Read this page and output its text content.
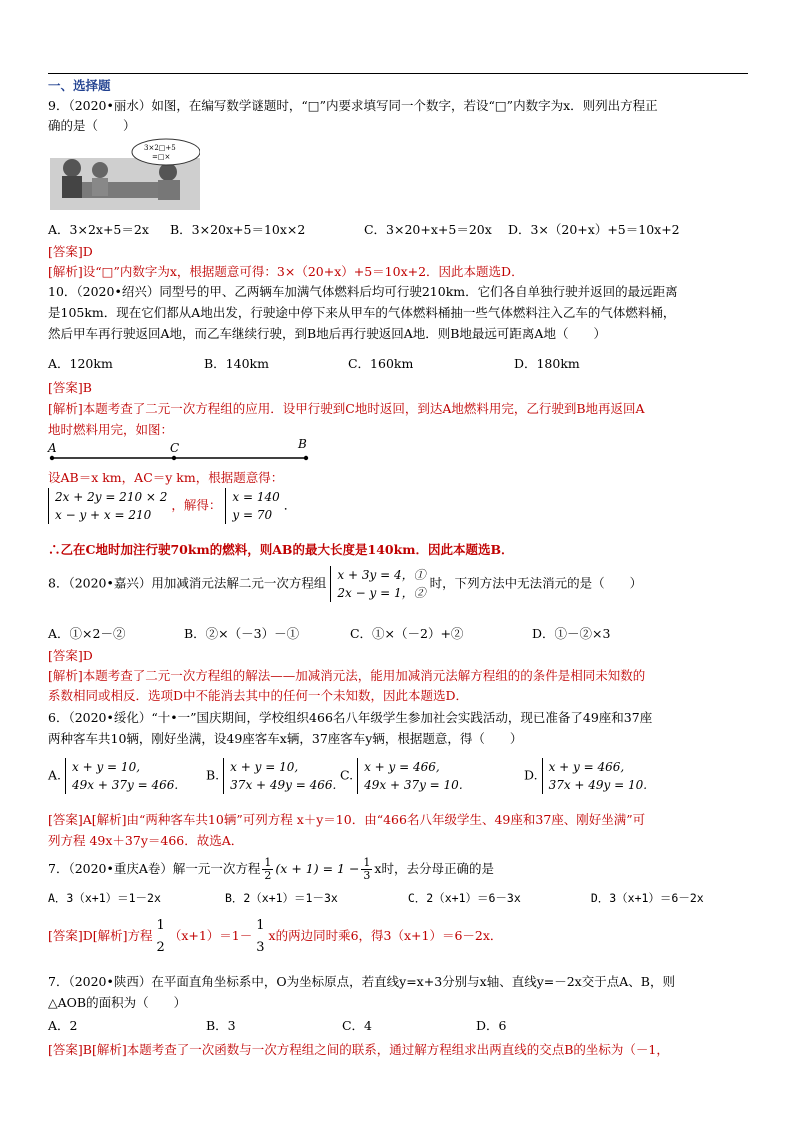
一、选择题
9．（2020•丽水）如图，在编写数学谜题时，“□”内要求填写同一个数字，若设“□”内数字为x．则列出方程正
确的是（　　）
3×2□+5
=□×
A．3×2x+5＝2x B．3×20x+5＝10x×2	C．3×20+x+5＝20x D．3×（20+x）+5＝10x+2
[答案]D
[解析]设“□”内数字为x，根据题意可得：3×（20+x）+5＝10x+2．因此本题选D．
10．（2020•绍兴）同型号的甲、乙两辆车加满气体燃料后均可行驶210km．它们各自单独行驶并返回的最远距离
是105km．现在它们都从A地出发，行驶途中停下来从甲车的气体燃料桶抽一些气体燃料注入乙车的气体燃料桶，
然后甲车再行驶返回A地，而乙车继续行驶，到B地后再行驶返回A地．则B地最远可距离A地（　　）
A．120km	B．140km	C．160km	D．180km
[答案]B
[解析]本题考查了二元一次方程组的应用．设甲行驶到C地时返回，到达A地燃料用完，乙行驶到B地再返回A
地时燃料用完，如图：
A	C	B
设AB＝x km，AC＝y km，根据题意得：
2x + 2y = 210 × 2
x − y + x = 210
，解得：
x = 140
y = 70
．
∴乙在C地时加注行驶70km的燃料，则AB的最大长度是140km．因此本题选B．
8．（2020•嘉兴）用加减消元法解二元一次方程组
x + 3y = 4，①
2x − y = 1，②
时，下列方法中无法消元的是（　　）
A．①×2－②	B．②×（－3）－①	C．①×（－2）+②	D．①－②×3
[答案]D
[解析]本题考查了二元一次方程组的解法——加减消元法，能用加减消元法解方程组的的条件是相同未知数的
系数相同或相反．选项D中不能消去其中的任何一个未知数，因此本题选D．
6．（2020•绥化）“十•一”国庆期间，学校组织466名八年级学生参加社会实践活动，现已准备了49座和37座
两种客车共10辆，刚好坐满，设49座客车x辆，37座客车y辆，根据题意，得（　　）
A.
x + y = 10,
49x + 37y = 466.
B.
x + y = 10,
37x + 49y = 466.
C.
x + y = 466,
49x + 37y = 10.
D.
x + y = 466,
37x + 49y = 10.
[答案]A[解析]由“两种客车共10辆”可列方程 x＋y＝10．由“466名八年级学生、49座和37座、刚好坐满”可
列方程 49x＋37y＝466．故选A．
7．（2020•重庆A卷）解一元一次方程 $\frac{1}{2} (x + 1) = 1 - \frac{1}{3}$ x时，去分母正确的是
A．3（x+1）＝1－2x	B．2（x+1）＝1－3x	C．2（x+1）＝6－3x	D．3（x+1）＝6－2x
[答案]D[解析]方程
1
2
（x+1）＝1－
1
3
x的两边同时乘6，得3（x+1）＝6－2x．
7．（2020•陕西）在平面直角坐标系中，O为坐标原点，若直线y=x+3分别与x轴、直线y=－2x交于点A、B，则
△AOB的面积为（　　）
A．2	B．3	C．4	D．6
[答案]B[解析]本题考查了一次函数与一次方程组之间的联系，通过解方程组求出两直线的交点B的坐标为（－1，
